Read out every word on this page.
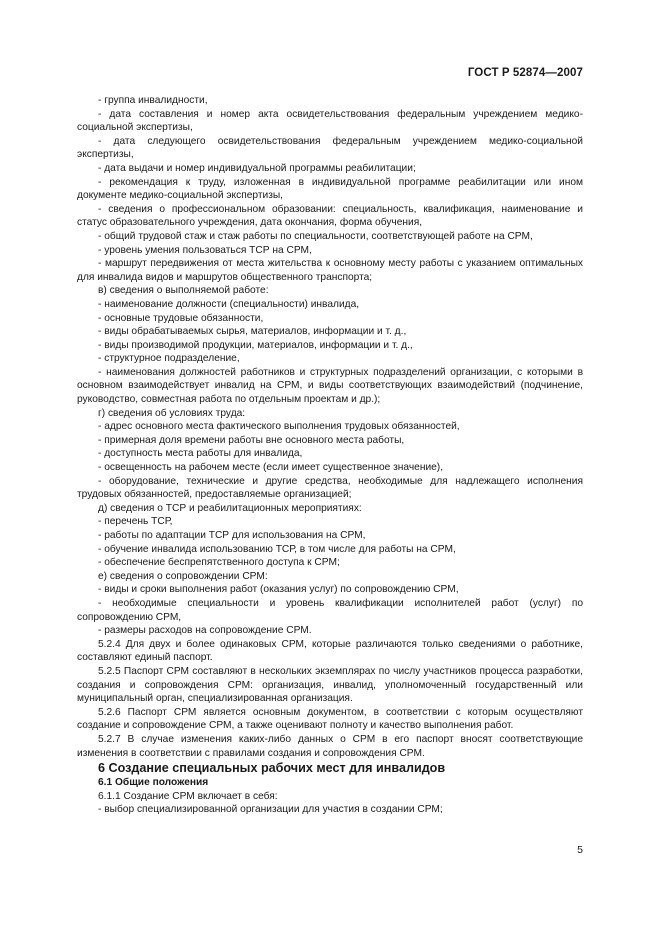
ГОСТ Р 52874—2007

- группа инвалидности,

- дата составления и номер акта освидетельствования федеральным учреждением медико-социальной экспертизы,

- дата следующего освидетельствования федеральным учреждением медико-социальной экспертизы,

- дата выдачи и номер индивидуальной программы реабилитации;

- рекомендация к труду, изложенная в индивидуальной программе реабилитации или ином документе медико-социальной экспертизы,

- сведения о профессиональном образовании: специальность, квалификация, наименование и статус образовательного учреждения, дата окончания, форма обучения,

- общий трудовой стаж и стаж работы по специальности, соответствующей работе на СРМ,

- уровень умения пользоваться ТСР на СРМ,

- маршрут передвижения от места жительства к основному месту работы с указанием оптимальных для инвалида видов и маршрутов общественного транспорта;

в) сведения о выполняемой работе:

- наименование должности (специальности) инвалида,

- основные трудовые обязанности,

- виды обрабатываемых сырья, материалов, информации и т. д.,

- виды производимой продукции, материалов, информации и т. д.,

- структурное подразделение,

- наименования должностей работников и структурных подразделений организации, с которыми в основном взаимодействует инвалид на СРМ, и виды соответствующих взаимодействий (подчинение, руководство, совместная работа по отдельным проектам и др.);

г) сведения об условиях труда:

- адрес основного места фактического выполнения трудовых обязанностей,

- примерная доля времени работы вне основного места работы,

- доступность места работы для инвалида,

- освещенность на рабочем месте (если имеет существенное значение),

- оборудование, технические и другие средства, необходимые для надлежащего исполнения трудовых обязанностей, предоставляемые организацией;

д) сведения о ТСР и реабилитационных мероприятиях:

- перечень ТСР,

- работы по адаптации ТСР для использования на СРМ,

- обучение инвалида использованию ТСР, в том числе для работы на СРМ,

- обеспечение беспрепятственного доступа к СРМ;

е) сведения о сопровождении СРМ:

- виды и сроки выполнения работ (оказания услуг) по сопровождению СРМ,

- необходимые специальности и уровень квалификации исполнителей работ (услуг) по сопровождению СРМ,

- размеры расходов на сопровождение СРМ.

5.2.4 Для двух и более одинаковых СРМ, которые различаются только сведениями о работнике, составляют единый паспорт.

5.2.5 Паспорт СРМ составляют в нескольких экземплярах по числу участников процесса разработки, создания и сопровождения СРМ: организация, инвалид, уполномоченный государственный или муниципальный орган, специализированная организация.

5.2.6 Паспорт СРМ является основным документом, в соответствии с которым осуществляют создание и сопровождение СРМ, а также оценивают полноту и качество выполнения работ.

5.2.7 В случае изменения каких-либо данных о СРМ в его паспорт вносят соответствующие изменения в соответствии с правилами создания и сопровождения СРМ.

6 Создание специальных рабочих мест для инвалидов

6.1 Общие положения

6.1.1 Создание СРМ включает в себя:

- выбор специализированной организации для участия в создании СРМ;

5
